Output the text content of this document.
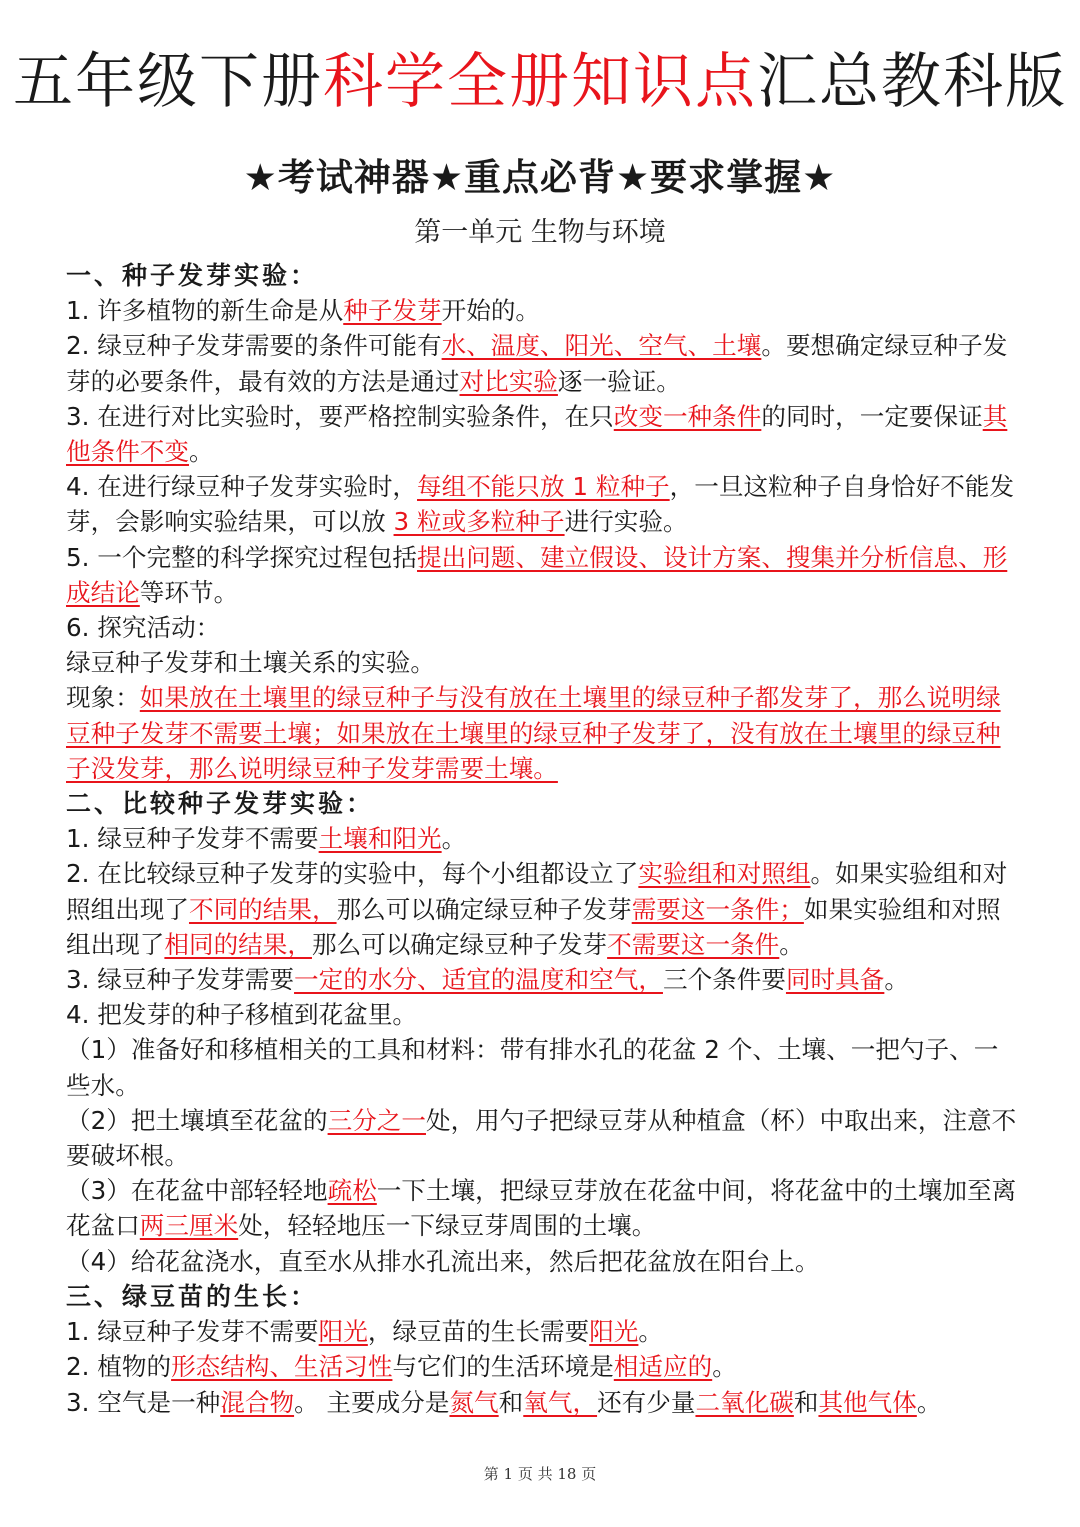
五年级下册科学全册知识点汇总教科版
★考试神器★重点必背★要求掌握★
第一单元 生物与环境

一、种子发芽实验：

1. 许多植物的新生命是从种子发芽开始的。

2. 绿豆种子发芽需要的条件可能有水、温度、阳光、空气、土壤。要想确定绿豆种子发芽的必要条件，最有效的方法是通过对比实验逐一验证。

3. 在进行对比实验时，要严格控制实验条件，在只改变一种条件的同时，一定要保证其他条件不变。

4. 在进行绿豆种子发芽实验时，每组不能只放 1 粒种子，一旦这粒种子自身恰好不能发芽，会影响实验结果，可以放 3 粒或多粒种子进行实验。

5. 一个完整的科学探究过程包括提出问题、建立假设、设计方案、搜集并分析信息、形成结论等环节。

6. 探究活动：

绿豆种子发芽和土壤关系的实验。

现象：如果放在土壤里的绿豆种子与没有放在土壤里的绿豆种子都发芽了，那么说明绿豆种子发芽不需要土壤；如果放在土壤里的绿豆种子发芽了，没有放在土壤里的绿豆种子没发芽，那么说明绿豆种子发芽需要土壤。

二、比较种子发芽实验：

1. 绿豆种子发芽不需要土壤和阳光。

2. 在比较绿豆种子发芽的实验中，每个小组都设立了实验组和对照组。如果实验组和对照组出现了不同的结果，那么可以确定绿豆种子发芽需要这一条件；如果实验组和对照组出现了相同的结果，那么可以确定绿豆种子发芽不需要这一条件。

3. 绿豆种子发芽需要一定的水分、适宜的温度和空气，三个条件要同时具备。

4. 把发芽的种子移植到花盆里。

（1）准备好和移植相关的工具和材料：带有排水孔的花盆 2 个、土壤、一把勺子、一些水。

（2）把土壤填至花盆的三分之一处，用勺子把绿豆芽从种植盒（杯）中取出来，注意不要破坏根。

（3）在花盆中部轻轻地疏松一下土壤，把绿豆芽放在花盆中间，将花盆中的土壤加至离花盆口两三厘米处，轻轻地压一下绿豆芽周围的土壤。

（4）给花盆浇水，直至水从排水孔流出来，然后把花盆放在阳台上。

三、绿豆苗的生长：

1. 绿豆种子发芽不需要阳光，绿豆苗的生长需要阳光。

2. 植物的形态结构、生活习性与它们的生活环境是相适应的。

3. 空气是一种混合物。 主要成分是氮气和氧气，还有少量二氧化碳和其他气体。

第 1 页 共 18 页
